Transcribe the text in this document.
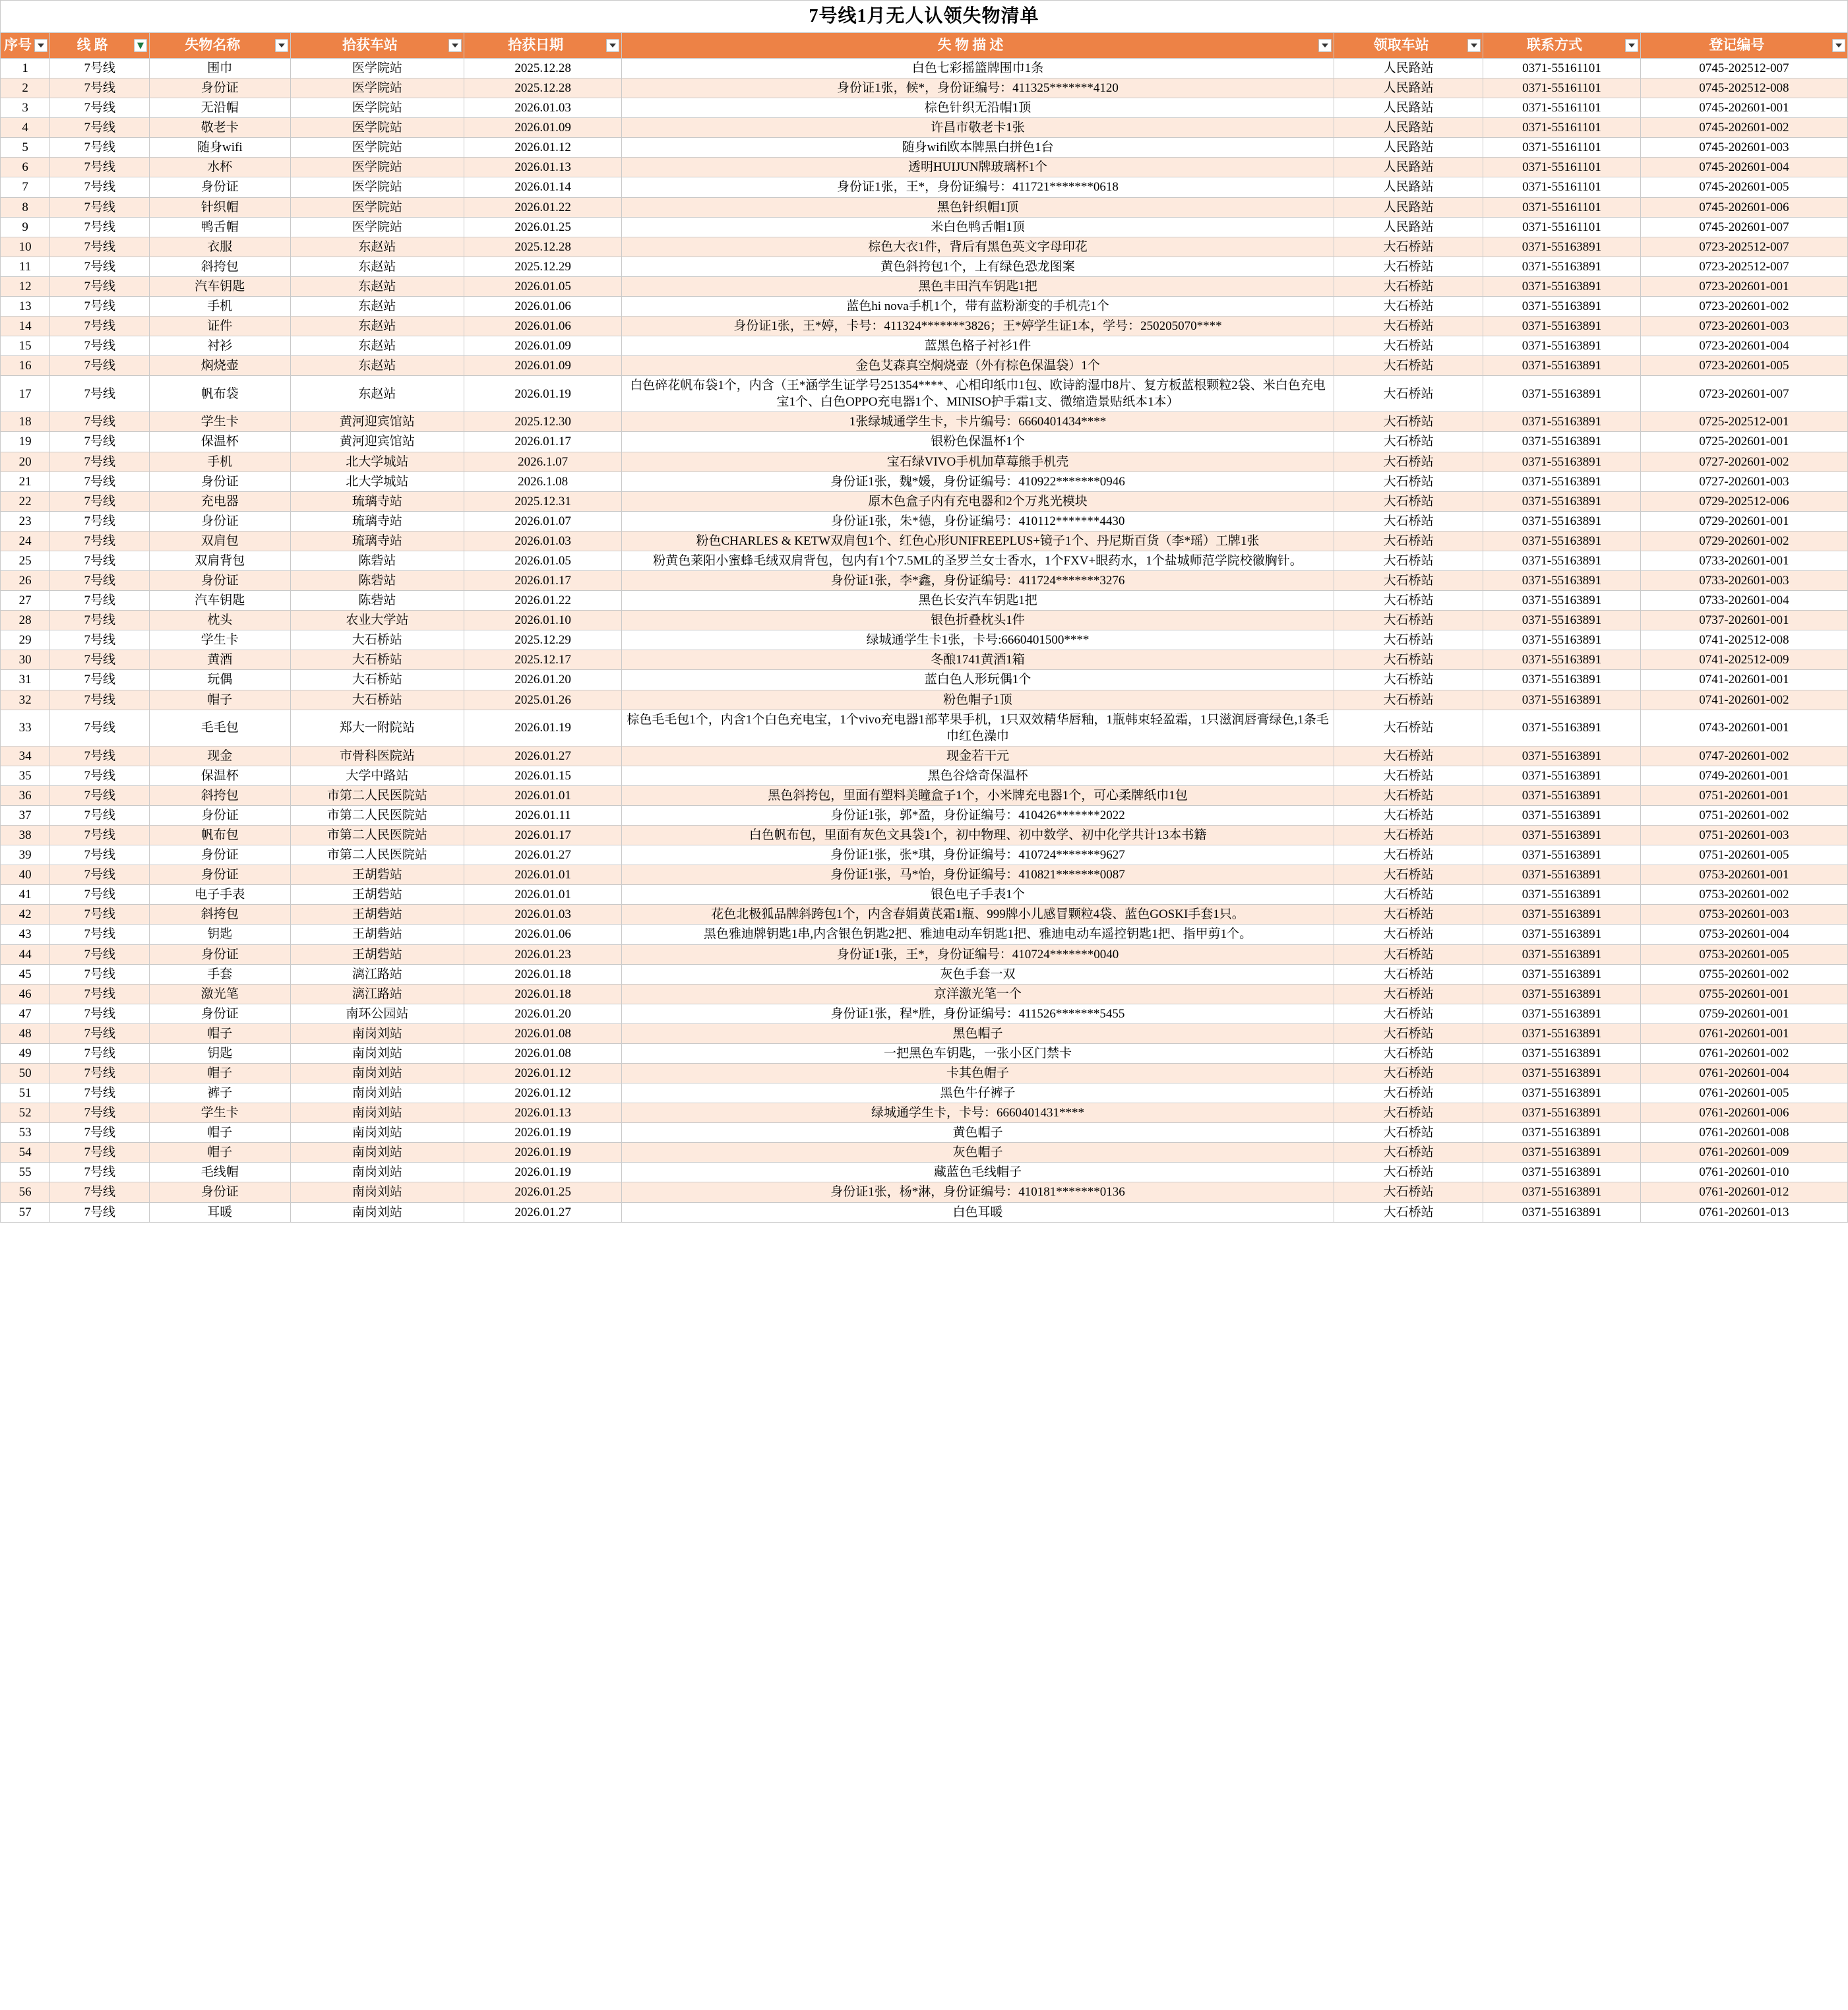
7号线1月无人认领失物清单								
序号	线 路 ▼	失物名称	拾获车站	拾获日期	失 物 描 述	领取车站	联系方式	登记编号

1	7号线	围巾	医学院站	2025.12.28	白色七彩摇篮牌围巾1条	人民路站	0371-55161101	0745-202512-007
2	7号线	身份证	医学院站	2025.12.28	身份证1张，候*，身份证编号：411325*******4120	人民路站	0371-55161101	0745-202512-008
3	7号线	无沿帽	医学院站	2026.01.03	棕色针织无沿帽1顶	人民路站	0371-55161101	0745-202601-001
4	7号线	敬老卡	医学院站	2026.01.09	许昌市敬老卡1张	人民路站	0371-55161101	0745-202601-002
5	7号线	随身wifi	医学院站	2026.01.12	随身wifi欧本牌黑白拼色1台	人民路站	0371-55161101	0745-202601-003
6	7号线	水杯	医学院站	2026.01.13	透明HUIJUN牌玻璃杯1个	人民路站	0371-55161101	0745-202601-004
7	7号线	身份证	医学院站	2026.01.14	身份证1张，王*，身份证编号：411721*******0618	人民路站	0371-55161101	0745-202601-005
8	7号线	针织帽	医学院站	2026.01.22	黑色针织帽1顶	人民路站	0371-55161101	0745-202601-006
9	7号线	鸭舌帽	医学院站	2026.01.25	米白色鸭舌帽1顶	人民路站	0371-55161101	0745-202601-007
10	7号线	衣服	东赵站	2025.12.28	棕色大衣1件，背后有黑色英文字母印花	大石桥站	0371-55163891	0723-202512-007
11	7号线	斜挎包	东赵站	2025.12.29	黄色斜挎包1个，上有绿色恐龙图案	大石桥站	0371-55163891	0723-202512-007
12	7号线	汽车钥匙	东赵站	2026.01.05	黑色丰田汽车钥匙1把	大石桥站	0371-55163891	0723-202601-001
13	7号线	手机	东赵站	2026.01.06	蓝色hi nova手机1个，带有蓝粉渐变的手机壳1个	大石桥站	0371-55163891	0723-202601-002
14	7号线	证件	东赵站	2026.01.06	身份证1张，王*婷，卡号：411324*******3826；王*婷学生证1本，学号：250205070****	大石桥站	0371-55163891	0723-202601-003
15	7号线	衬衫	东赵站	2026.01.09	蓝黑色格子衬衫1件	大石桥站	0371-55163891	0723-202601-004
16	7号线	焖烧壶	东赵站	2026.01.09	金色艾森真空焖烧壶（外有棕色保温袋）1个	大石桥站	0371-55163891	0723-202601-005
17	7号线	帆布袋	东赵站	2026.01.19	白色碎花帆布袋1个，内含（王*涵学生证学号251354****、心相印纸巾1包、欧诗韵湿巾8片、复方板蓝根颗粒2袋、米白色充电宝1个、白色OPPO充电器1个、MINISO护手霜1支、微缩造景贴纸本1本）	大石桥站	0371-55163891	0723-202601-007
18	7号线	学生卡	黄河迎宾馆站	2025.12.30	1张绿城通学生卡，卡片编号：6660401434****	大石桥站	0371-55163891	0725-202512-001
19	7号线	保温杯	黄河迎宾馆站	2026.01.17	银粉色保温杯1个	大石桥站	0371-55163891	0725-202601-001
20	7号线	手机	北大学城站	2026.1.07	宝石绿VIVO手机加草莓熊手机壳	大石桥站	0371-55163891	0727-202601-002
21	7号线	身份证	北大学城站	2026.1.08	身份证1张，魏*媛，身份证编号：410922*******0946	大石桥站	0371-55163891	0727-202601-003
22	7号线	充电器	琉璃寺站	2025.12.31	原木色盒子内有充电器和2个万兆光模块	大石桥站	0371-55163891	0729-202512-006
23	7号线	身份证	琉璃寺站	2026.01.07	身份证1张，朱*德，身份证编号：410112*******4430	大石桥站	0371-55163891	0729-202601-001
24	7号线	双肩包	琉璃寺站	2026.01.03	粉色CHARLES & KETW双肩包1个、红色心形UNIFREEPLUS+镜子1个、丹尼斯百货（李*瑶）工牌1张	大石桥站	0371-55163891	0729-202601-002
25	7号线	双肩背包	陈砦站	2026.01.05	粉黄色莱阳小蜜蜂毛绒双肩背包，包内有1个7.5ML的圣罗兰女士香水，1个FXV+眼药水，1个盐城师范学院校徽胸针。	大石桥站	0371-55163891	0733-202601-001
26	7号线	身份证	陈砦站	2026.01.17	身份证1张，李*鑫，身份证编号：411724*******3276	大石桥站	0371-55163891	0733-202601-003
27	7号线	汽车钥匙	陈砦站	2026.01.22	黑色长安汽车钥匙1把	大石桥站	0371-55163891	0733-202601-004
28	7号线	枕头	农业大学站	2026.01.10	银色折叠枕头1件	大石桥站	0371-55163891	0737-202601-001
29	7号线	学生卡	大石桥站	2025.12.29	绿城通学生卡1张，卡号:6660401500****	大石桥站	0371-55163891	0741-202512-008
30	7号线	黄酒	大石桥站	2025.12.17	冬酿1741黄酒1箱	大石桥站	0371-55163891	0741-202512-009
31	7号线	玩偶	大石桥站	2026.01.20	蓝白色人形玩偶1个	大石桥站	0371-55163891	0741-202601-001
32	7号线	帽子	大石桥站	2025.01.26	粉色帽子1顶	大石桥站	0371-55163891	0741-202601-002
33	7号线	毛毛包	郑大一附院站	2026.01.19	棕色毛毛包1个，内含1个白色充电宝，1个vivo充电器1部苹果手机，1只双效精华唇釉，1瓶韩束轻盈霜，1只滋润唇膏绿色,1条毛巾红色澡巾	大石桥站	0371-55163891	0743-202601-001
34	7号线	现金	市骨科医院站	2026.01.27	现金若干元	大石桥站	0371-55163891	0747-202601-002
35	7号线	保温杯	大学中路站	2026.01.15	黑色谷焓奇保温杯	大石桥站	0371-55163891	0749-202601-001
36	7号线	斜挎包	市第二人民医院站	2026.01.01	黑色斜挎包，里面有塑料美瞳盒子1个，小米牌充电器1个，可心柔牌纸巾1包	大石桥站	0371-55163891	0751-202601-001
37	7号线	身份证	市第二人民医院站	2026.01.11	身份证1张，郭*盈，身份证编号：410426*******2022	大石桥站	0371-55163891	0751-202601-002
38	7号线	帆布包	市第二人民医院站	2026.01.17	白色帆布包，里面有灰色文具袋1个，初中物理、初中数学、初中化学共计13本书籍	大石桥站	0371-55163891	0751-202601-003
39	7号线	身份证	市第二人民医院站	2026.01.27	身份证1张，张*琪，身份证编号：410724*******9627	大石桥站	0371-55163891	0751-202601-005
40	7号线	身份证	王胡砦站	2026.01.01	身份证1张，马*怡，身份证编号：410821*******0087	大石桥站	0371-55163891	0753-202601-001
41	7号线	电子手表	王胡砦站	2026.01.01	银色电子手表1个	大石桥站	0371-55163891	0753-202601-002
42	7号线	斜挎包	王胡砦站	2026.01.03	花色北极狐品牌斜跨包1个，内含春娟黄芪霜1瓶、999牌小儿感冒颗粒4袋、蓝色GOSKI手套1只。	大石桥站	0371-55163891	0753-202601-003
43	7号线	钥匙	王胡砦站	2026.01.06	黑色雅迪牌钥匙1串,内含银色钥匙2把、雅迪电动车钥匙1把、雅迪电动车遥控钥匙1把、指甲剪1个。	大石桥站	0371-55163891	0753-202601-004
44	7号线	身份证	王胡砦站	2026.01.23	身份证1张，王*，身份证编号：410724*******0040	大石桥站	0371-55163891	0753-202601-005
45	7号线	手套	漓江路站	2026.01.18	灰色手套一双	大石桥站	0371-55163891	0755-202601-002
46	7号线	激光笔	漓江路站	2026.01.18	京洋激光笔一个	大石桥站	0371-55163891	0755-202601-001
47	7号线	身份证	南环公园站	2026.01.20	身份证1张，程*胜，身份证编号：411526*******5455	大石桥站	0371-55163891	0759-202601-001
48	7号线	帽子	南岗刘站	2026.01.08	黑色帽子	大石桥站	0371-55163891	0761-202601-001
49	7号线	钥匙	南岗刘站	2026.01.08	一把黑色车钥匙，一张小区门禁卡	大石桥站	0371-55163891	0761-202601-002
50	7号线	帽子	南岗刘站	2026.01.12	卡其色帽子	大石桥站	0371-55163891	0761-202601-004
51	7号线	裤子	南岗刘站	2026.01.12	黑色牛仔裤子	大石桥站	0371-55163891	0761-202601-005
52	7号线	学生卡	南岗刘站	2026.01.13	绿城通学生卡，卡号：6660401431****	大石桥站	0371-55163891	0761-202601-006
53	7号线	帽子	南岗刘站	2026.01.19	黄色帽子	大石桥站	0371-55163891	0761-202601-008
54	7号线	帽子	南岗刘站	2026.01.19	灰色帽子	大石桥站	0371-55163891	0761-202601-009
55	7号线	毛线帽	南岗刘站	2026.01.19	藏蓝色毛线帽子	大石桥站	0371-55163891	0761-202601-010
56	7号线	身份证	南岗刘站	2026.01.25	身份证1张，杨*淋，身份证编号：410181*******0136	大石桥站	0371-55163891	0761-202601-012
57	7号线	耳暖	南岗刘站	2026.01.27	白色耳暖	大石桥站	0371-55163891	0761-202601-013
